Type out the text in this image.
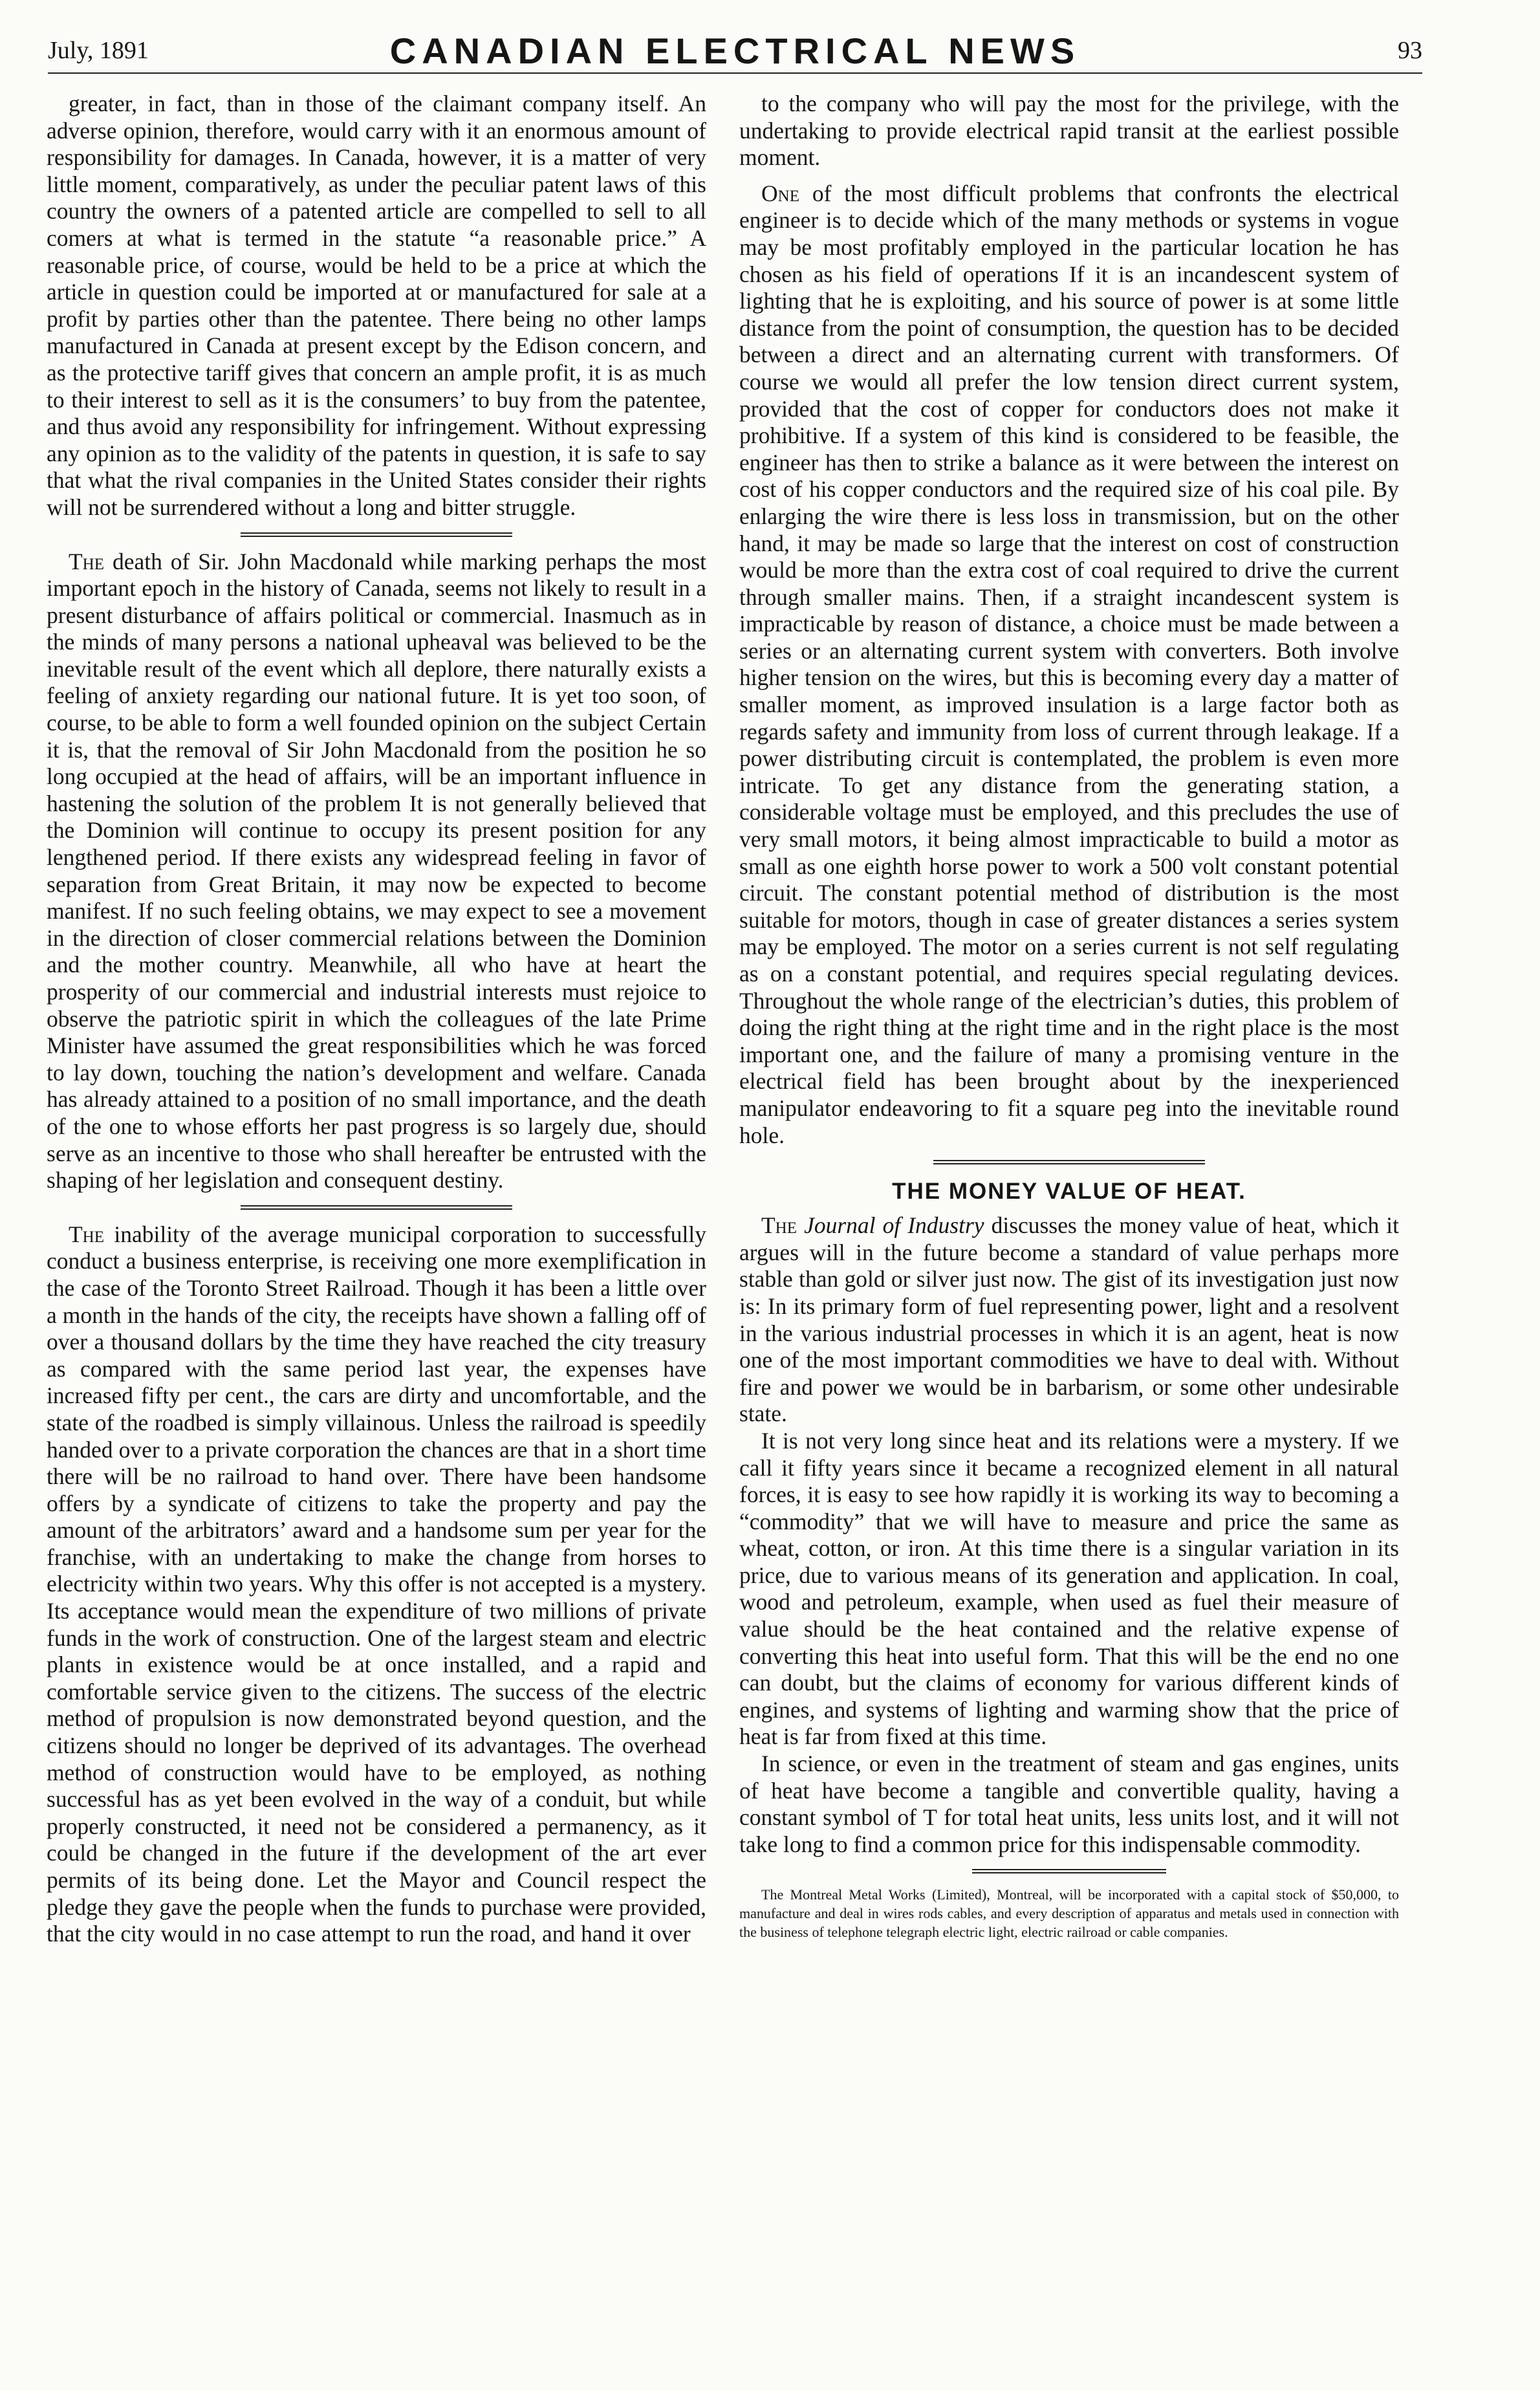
July, 1891	CANADIAN ELECTRICAL NEWS	93

greater, in fact, than in those of the claimant company itself. An adverse opinion, therefore, would carry with it an enormous amount of responsibility for damages. In Canada, however, it is a matter of very little moment, comparatively, as under the peculiar patent laws of this country the owners of a patented article are compelled to sell to all comers at what is termed in the statute “a reasonable price.” A reasonable price, of course, would be held to be a price at which the article in question could be imported at or manufactured for sale at a profit by parties other than the patentee. There being no other lamps manufactured in Canada at present except by the Edison concern, and as the protective tariff gives that concern an ample profit, it is as much to their interest to sell as it is the consumers’ to buy from the patentee, and thus avoid any responsibility for infringement. Without expressing any opinion as to the validity of the patents in question, it is safe to say that what the rival companies in the United States consider their rights will not be surrendered without a long and bitter struggle.

The death of Sir. John Macdonald while marking perhaps the most important epoch in the history of Canada, seems not likely to result in a present disturbance of affairs political or commercial. Inasmuch as in the minds of many persons a national upheaval was believed to be the inevitable result of the event which all deplore, there naturally exists a feeling of anxiety regarding our national future. It is yet too soon, of course, to be able to form a well founded opinion on the subject Certain it is, that the removal of Sir John Macdonald from the position he so long occupied at the head of affairs, will be an important influence in hastening the solution of the problem It is not generally believed that the Dominion will continue to occupy its present position for any lengthened period. If there exists any widespread feeling in favor of separation from Great Britain, it may now be expected to become manifest. If no such feeling obtains, we may expect to see a movement in the direction of closer commercial relations between the Dominion and the mother country. Meanwhile, all who have at heart the prosperity of our commercial and industrial interests must rejoice to observe the patriotic spirit in which the colleagues of the late Prime Minister have assumed the great responsibilities which he was forced to lay down, touching the nation’s development and welfare. Canada has already attained to a position of no small importance, and the death of the one to whose efforts her past progress is so largely due, should serve as an incentive to those who shall hereafter be entrusted with the shaping of her legislation and consequent destiny.

The inability of the average municipal corporation to successfully conduct a business enterprise, is receiving one more exemplification in the case of the Toronto Street Railroad. Though it has been a little over a month in the hands of the city, the receipts have shown a falling off of over a thousand dollars by the time they have reached the city treasury as compared with the same period last year, the expenses have increased fifty per cent., the cars are dirty and uncomfortable, and the state of the roadbed is simply villainous. Unless the railroad is speedily handed over to a private corporation the chances are that in a short time there will be no railroad to hand over. There have been handsome offers by a syndicate of citizens to take the property and pay the amount of the arbitrators’ award and a handsome sum per year for the franchise, with an undertaking to make the change from horses to electricity within two years. Why this offer is not accepted is a mystery. Its acceptance would mean the expenditure of two millions of private funds in the work of construction. One of the largest steam and electric plants in existence would be at once installed, and a rapid and comfortable service given to the citizens. The success of the electric method of propulsion is now demonstrated beyond question, and the citizens should no longer be deprived of its advantages. The overhead method of construction would have to be employed, as nothing successful has as yet been evolved in the way of a conduit, but while properly constructed, it need not be considered a permanency, as it could be changed in the future if the development of the art ever permits of its being done. Let the Mayor and Council respect the pledge they gave the people when the funds to purchase were provided, that the city would in no case attempt to run the road, and hand it over

to the company who will pay the most for the privilege, with the undertaking to provide electrical rapid transit at the earliest possible moment.

One of the most difficult problems that confronts the electrical engineer is to decide which of the many methods or systems in vogue may be most profitably employed in the particular location he has chosen as his field of operations If it is an incandescent system of lighting that he is exploiting, and his source of power is at some little distance from the point of consumption, the question has to be decided between a direct and an alternating current with transformers. Of course we would all prefer the low tension direct current system, provided that the cost of copper for conductors does not make it prohibitive. If a system of this kind is considered to be feasible, the engineer has then to strike a balance as it were between the interest on cost of his copper conductors and the required size of his coal pile. By enlarging the wire there is less loss in transmission, but on the other hand, it may be made so large that the interest on cost of construction would be more than the extra cost of coal required to drive the current through smaller mains. Then, if a straight incandescent system is impracticable by reason of distance, a choice must be made between a series or an alternating current system with converters. Both involve higher tension on the wires, but this is becoming every day a matter of smaller moment, as improved insulation is a large factor both as regards safety and immunity from loss of current through leakage. If a power distributing circuit is contemplated, the problem is even more intricate. To get any distance from the generating station, a considerable voltage must be employed, and this precludes the use of very small motors, it being almost impracticable to build a motor as small as one eighth horse power to work a 500 volt constant potential circuit. The constant potential method of distribution is the most suitable for motors, though in case of greater distances a series system may be employed. The motor on a series current is not self regulating as on a constant potential, and requires special regulating devices. Throughout the whole range of the electrician’s duties, this problem of doing the right thing at the right time and in the right place is the most important one, and the failure of many a promising venture in the electrical field has been brought about by the inexperienced manipulator endeavoring to fit a square peg into the inevitable round hole.

THE MONEY VALUE OF HEAT.

The Journal of Industry discusses the money value of heat, which it argues will in the future become a standard of value perhaps more stable than gold or silver just now. The gist of its investigation just now is: In its primary form of fuel representing power, light and a resolvent in the various industrial processes in which it is an agent, heat is now one of the most important commodities we have to deal with. Without fire and power we would be in barbarism, or some other undesirable state.

It is not very long since heat and its relations were a mystery. If we call it fifty years since it became a recognized element in all natural forces, it is easy to see how rapidly it is working its way to becoming a “commodity” that we will have to measure and price the same as wheat, cotton, or iron. At this time there is a singular variation in its price, due to various means of its generation and application. In coal, wood and petroleum, example, when used as fuel their measure of value should be the heat contained and the relative expense of converting this heat into useful form. That this will be the end no one can doubt, but the claims of economy for various different kinds of engines, and systems of lighting and warming show that the price of heat is far from fixed at this time.

In science, or even in the treatment of steam and gas engines, units of heat have become a tangible and convertible quality, having a constant symbol of T for total heat units, less units lost, and it will not take long to find a common price for this indispensable commodity.

The Montreal Metal Works (Limited), Montreal, will be incorporated with a capital stock of $50,000, to manufacture and deal in wires rods cables, and every description of apparatus and metals used in connection with the business of telephone telegraph electric light, electric railroad or cable companies.
